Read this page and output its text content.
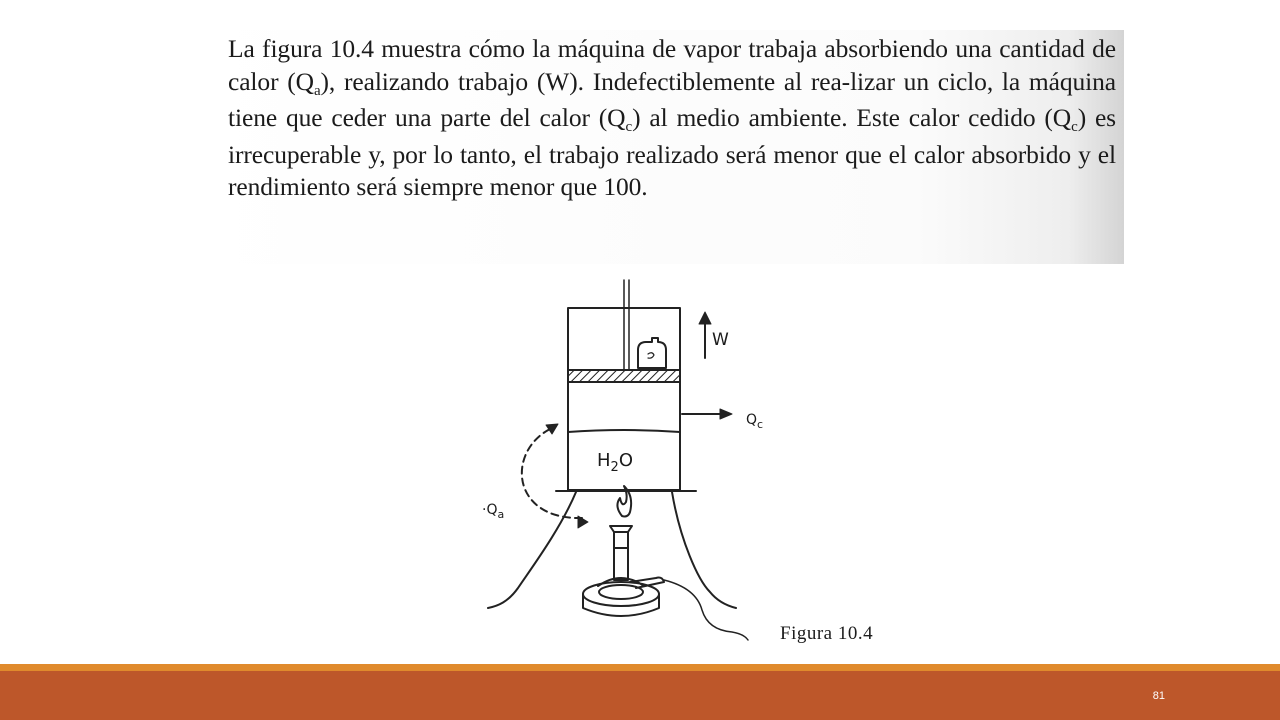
La figura 10.4 muestra cómo la máquina de vapor trabaja absorbiendo una cantidad de calor (Qa), realizando trabajo (W). Indefectiblemente al rea-lizar un ciclo, la máquina tiene que ceder una parte del calor (Qc) al medio ambiente. Este calor cedido (Qc) es irrecuperable y, por lo tanto, el trabajo realizado será menor que el calor absorbido y el rendimiento será siempre menor que 100.

W
$Q_c$
$\cdot Q_a$
$H_2O$
Figura 10.4
81
